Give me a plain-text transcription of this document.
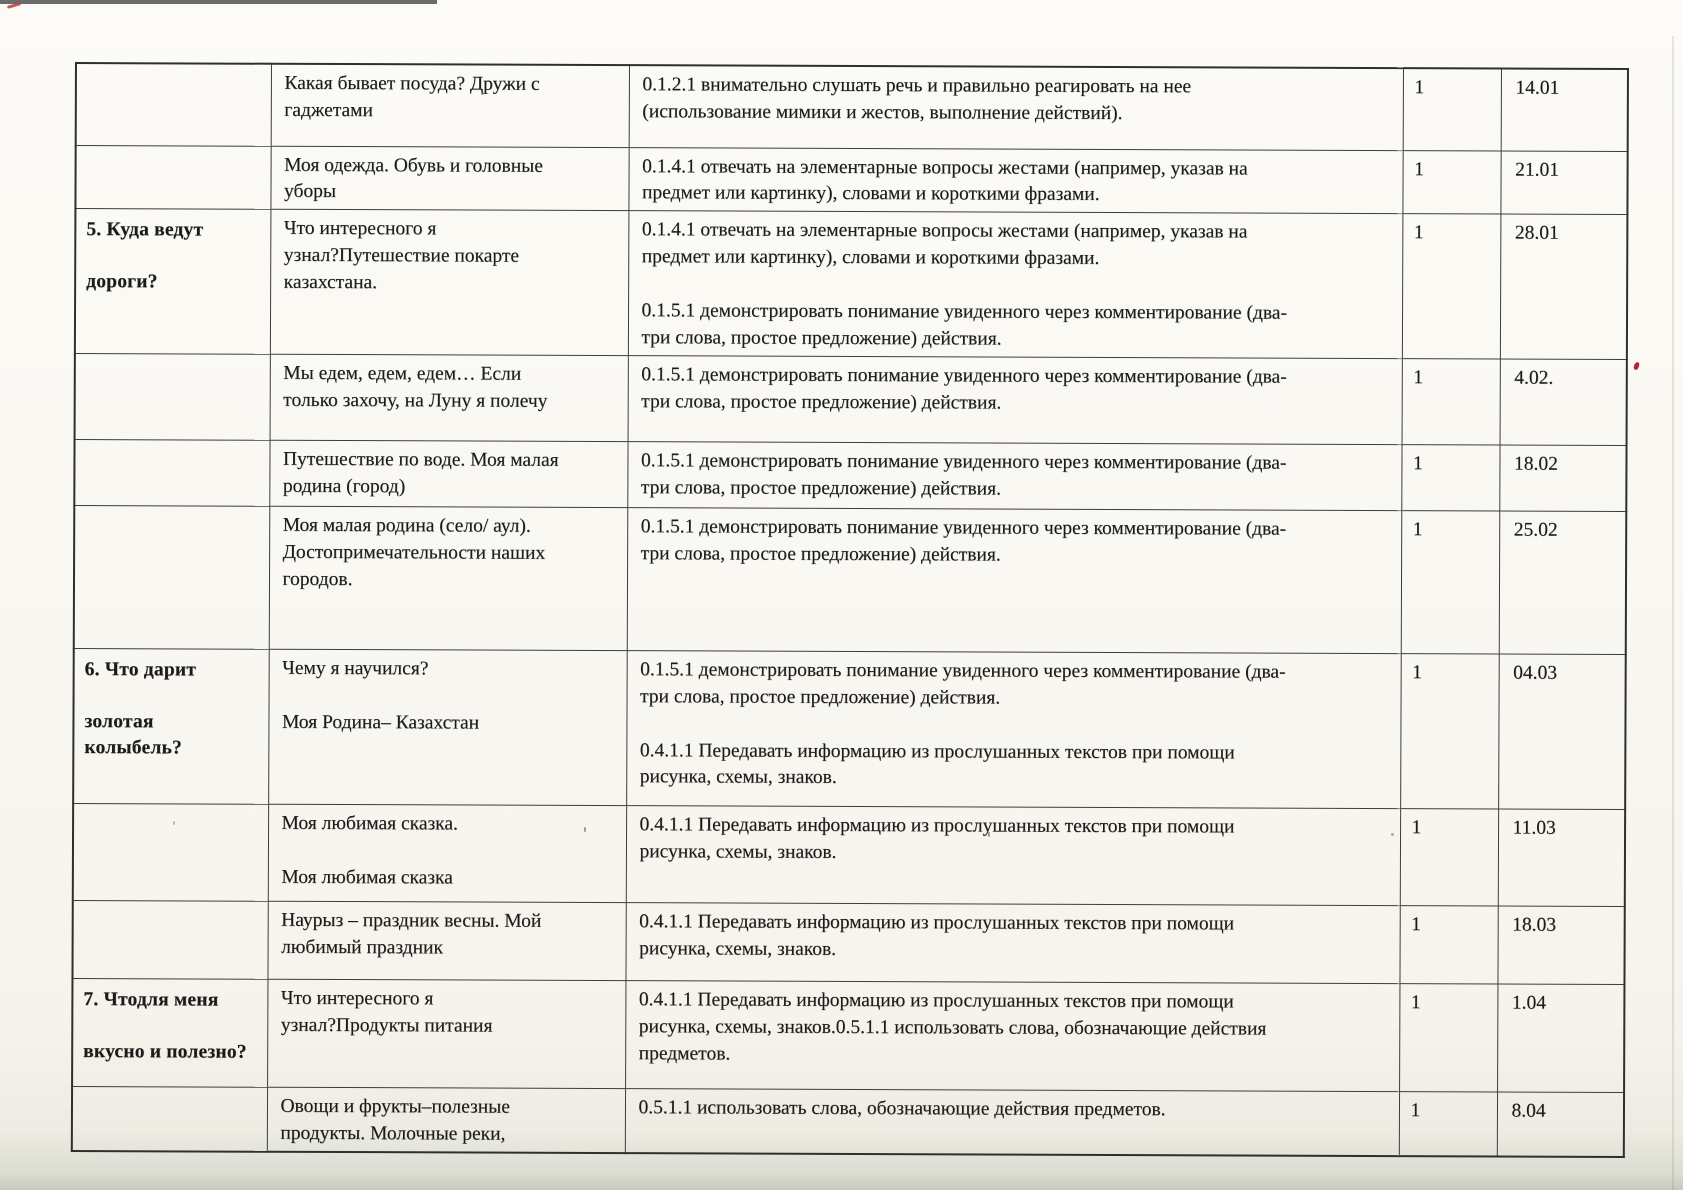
	Какая бывает посуда? Дружи с
гаджетами	0.1.2.1 внимательно слушать речь и правильно реагировать на нее
(использование мимики и жестов, выполнение действий).	1	14.01
	Моя одежда. Обувь и головные
уборы	0.1.4.1 отвечать на элементарные вопросы жестами (например, указав на
предмет или картинку), словами и короткими фразами.	1	21.01
5. Куда ведут

дороги?	Что интересного я
узнал?Путешествие покарте
казахстана.	0.1.4.1 отвечать на элементарные вопросы жестами (например, указав на
предмет или картинку), словами и короткими фразами.

0.1.5.1 демонстрировать понимание увиденного через комментирование (два-
три слова, простое предложение) действия.	1	28.01
	Мы едем, едем, едем… Если
только захочу, на Луну я полечу	0.1.5.1 демонстрировать понимание увиденного через комментирование (два-
три слова, простое предложение) действия.	1	4.02.
	Путешествие по воде. Моя малая
родина (город)	0.1.5.1 демонстрировать понимание увиденного через комментирование (два-
три слова, простое предложение) действия.	1	18.02
	Моя малая родина (село/ аул).
Достопримечательности наших
городов.	0.1.5.1 демонстрировать понимание увиденного через комментирование (два-
три слова, простое предложение) действия.	1	25.02
6. Что дарит

золотая
колыбель?	Чему я научился?

Моя Родина– Казахстан	0.1.5.1 демонстрировать понимание увиденного через комментирование (два-
три слова, простое предложение) действия.

0.4.1.1 Передавать информацию из прослушанных текстов при помощи
рисунка, схемы, знаков.	1	04.03
	Моя любимая сказка.

Моя любимая сказка	0.4.1.1 Передавать информацию из прослушанных текстов при помощи
рисунка, схемы, знаков.	1	11.03
	Наурыз – праздник весны. Мой
любимый праздник	0.4.1.1 Передавать информацию из прослушанных текстов при помощи
рисунка, схемы, знаков.	1	18.03
7. Чтодля меня

вкусно и полезно?	Что интересного я
узнал?Продукты питания	0.4.1.1 Передавать информацию из прослушанных текстов при помощи
рисунка, схемы, знаков.0.5.1.1 использовать слова, обозначающие действия
предметов.	1	1.04
	Овощи и фрукты–полезные
продукты. Молочные реки,	0.5.1.1 использовать слова, обозначающие действия предметов.	1	8.04
